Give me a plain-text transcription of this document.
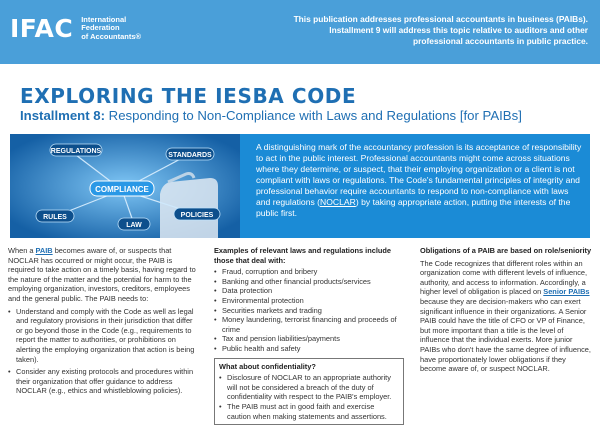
IFAC International
Federation
of Accountants®
This publication addresses professional accountants in business (PAIBs). Installment 9 will address this topic relative to auditors and other professional accountants in public practice.
EXPLORING THE IESBA CODE
Installment 8: Responding to Non-Compliance with Laws and Regulations [for PAIBs]
REGULATIONS
STANDARDS
COMPLIANCE
RULES
LAW
POLICIES
A distinguishing mark of the accountancy profession is its acceptance of responsibility to act in the public interest. Professional accountants might come across situations where they determine, or suspect, that their employing organization or a client is not compliant with laws or regulations. The Code's fundamental principles of integrity and professional behavior require accountants to respond to non-compliance with laws and regulations (NOCLAR) by taking appropriate action, putting the interests of the public first.
When a PAIB becomes aware of, or suspects that NOCLAR has occurred or might occur, the PAIB is required to take action on a timely basis, having regard to the nature of the matter and the potential for harm to the employing organization, investors, creditors, employees and the general public. The PAIB needs to:
• Understand and comply with the Code as well as legal and regulatory provisions in their jurisdiction that differ or go beyond those in the Code (e.g., requirements to report the matter to authorities, or prohibitions on alerting the employing organization that action is being taken).
• Consider any existing protocols and procedures within their organization that offer guidance to address NOCLAR (e.g., ethics and whistleblowing policies).
Examples of relevant laws and regulations include those that deal with:
• Fraud, corruption and bribery
• Banking and other financial products/services
• Data protection
• Environmental protection
• Securities markets and trading
• Money laundering, terrorist financing and proceeds of crime
• Tax and pension liabilities/payments
• Public health and safety
What about confidentiality?
• Disclosure of NOCLAR to an appropriate authority will not be considered a breach of the duty of confidentiality with respect to the PAIB's employer.
• The PAIB must act in good faith and exercise caution when making statements and assertions.
Obligations of a PAIB are based on role/seniority
The Code recognizes that different roles within an organization come with different levels of influence, authority, and access to information. Accordingly, a higher level of obligation is placed on Senior PAIBs because they are decision-makers who can exert significant influence in their organizations. A Senior PAIB could have the title of CFO or VP of Finance, but more important than a title is the level of influence that the individual exerts. More junior PAIBs who don't have the same degree of influence, have proportionately lower obligations if they become aware of, or suspect NOCLAR.
